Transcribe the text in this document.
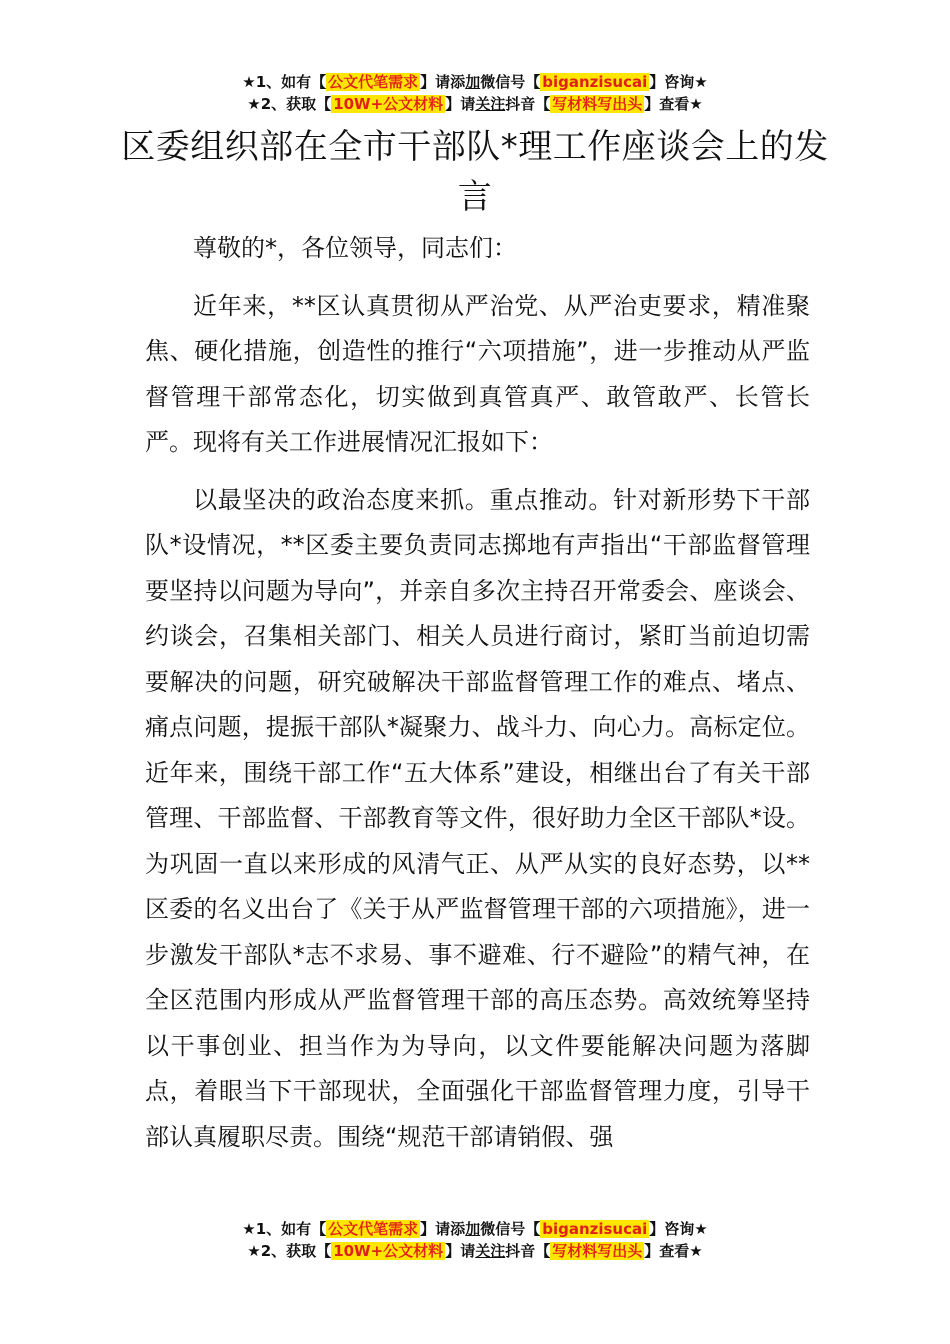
★1、如有【 公文代笔需求 】请添加微信号【 biganzisucai 】咨询★
★2、获取【 10W+公文材料 】请关注抖音【 写材料写出头 】查看★
区委组织部在全市干部队*理工作座谈会上的发言

尊敬的*，各位领导，同志们：

近年来，**区认真贯彻从严治党、从严治吏要求，精准聚焦、硬化措施，创造性的推行“六项措施”，进一步推动从严监督管理干部常态化，切实做到真管真严、敢管敢严、长管长严。现将有关工作进展情况汇报如下：

以最坚决的政治态度来抓。重点推动。针对新形势下干部队*设情况，**区委主要负责同志掷地有声指出“干部监督管理要坚持以问题为导向”，并亲自多次主持召开常委会、座谈会、约谈会，召集相关部门、相关人员进行商讨，紧盯当前迫切需要解决的问题，研究破解决干部监督管理工作的难点、堵点、痛点问题，提振干部队*凝聚力、战斗力、向心力。高标定位。近年来，围绕干部工作“五大体系”建设，相继出台了有关干部管理、干部监督、干部教育等文件，很好助力全区干部队*设。为巩固一直以来形成的风清气正、从严从实的良好态势，以**区委的名义出台了《关于从严监督管理干部的六项措施》，进一步激发干部队*志不求易、事不避难、行不避险”的精气神，在全区范围内形成从严监督管理干部的高压态势。高效统筹坚持以干事创业、担当作为为导向，以文件要能解决问题为落脚点，着眼当下干部现状，全面强化干部监督管理力度，引导干部认真履职尽责。围绕“规范干部请销假、强

★1、如有【 公文代笔需求 】请添加微信号【 biganzisucai 】咨询★
★2、获取【 10W+公文材料 】请关注抖音【 写材料写出头 】查看★
